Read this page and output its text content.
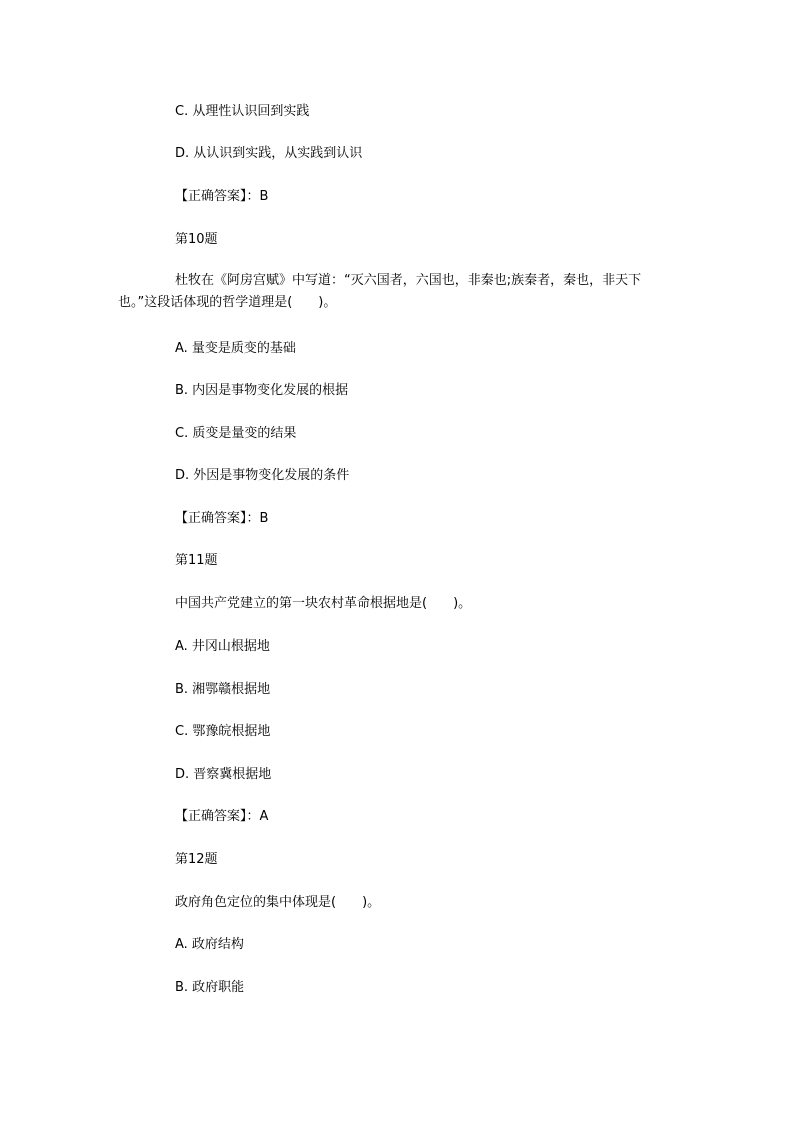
C. 从理性认识回到实践

D. 从认识到实践，从实践到认识

【正确答案】：B

第10题

杜牧在《阿房宫赋》中写道：“灭六国者，六国也，非秦也;族秦者，秦也，非天下也。”这段话体现的哲学道理是(　　)。

A. 量变是质变的基础

B. 内因是事物变化发展的根据

C. 质变是量变的结果

D. 外因是事物变化发展的条件

【正确答案】：B

第11题

中国共产党建立的第一块农村革命根据地是(　　)。

A. 井冈山根据地

B. 湘鄂赣根据地

C. 鄂豫皖根据地

D. 晋察冀根据地

【正确答案】：A

第12题

政府角色定位的集中体现是(　　)。

A. 政府结构

B. 政府职能
